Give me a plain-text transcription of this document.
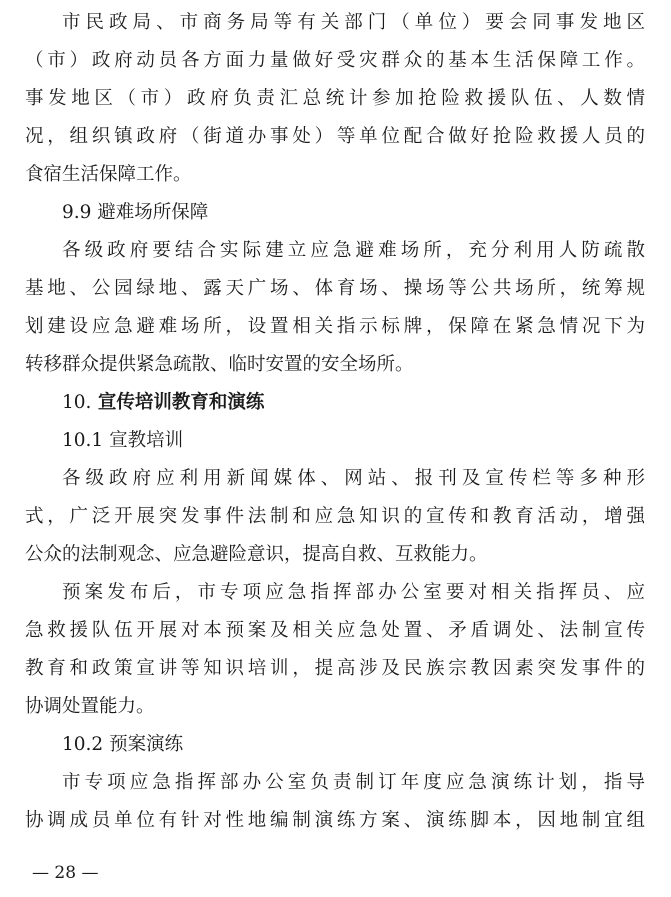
市民政局、市商务局等有关部门（单位）要会同事发地区
（市）政府动员各方面力量做好受灾群众的基本生活保障工作。
事发地区（市）政府负责汇总统计参加抢险救援队伍、人数情
况，组织镇政府（街道办事处）等单位配合做好抢险救援人员的
食宿生活保障工作。
9.9 避难场所保障
各级政府要结合实际建立应急避难场所，充分利用人防疏散
基地、公园绿地、露天广场、体育场、操场等公共场所，统筹规
划建设应急避难场所，设置相关指示标牌，保障在紧急情况下为
转移群众提供紧急疏散、临时安置的安全场所。
10. 宣传培训教育和演练
10.1 宣教培训
各级政府应利用新闻媒体、网站、报刊及宣传栏等多种形
式，广泛开展突发事件法制和应急知识的宣传和教育活动，增强
公众的法制观念、应急避险意识，提高自救、互救能力。
预案发布后，市专项应急指挥部办公室要对相关指挥员、应
急救援队伍开展对本预案及相关应急处置、矛盾调处、法制宣传
教育和政策宣讲等知识培训，提高涉及民族宗教因素突发事件的
协调处置能力。
10.2 预案演练
市专项应急指挥部办公室负责制订年度应急演练计划，指导
协调成员单位有针对性地编制演练方案、演练脚本，因地制宜组
— 28 —
